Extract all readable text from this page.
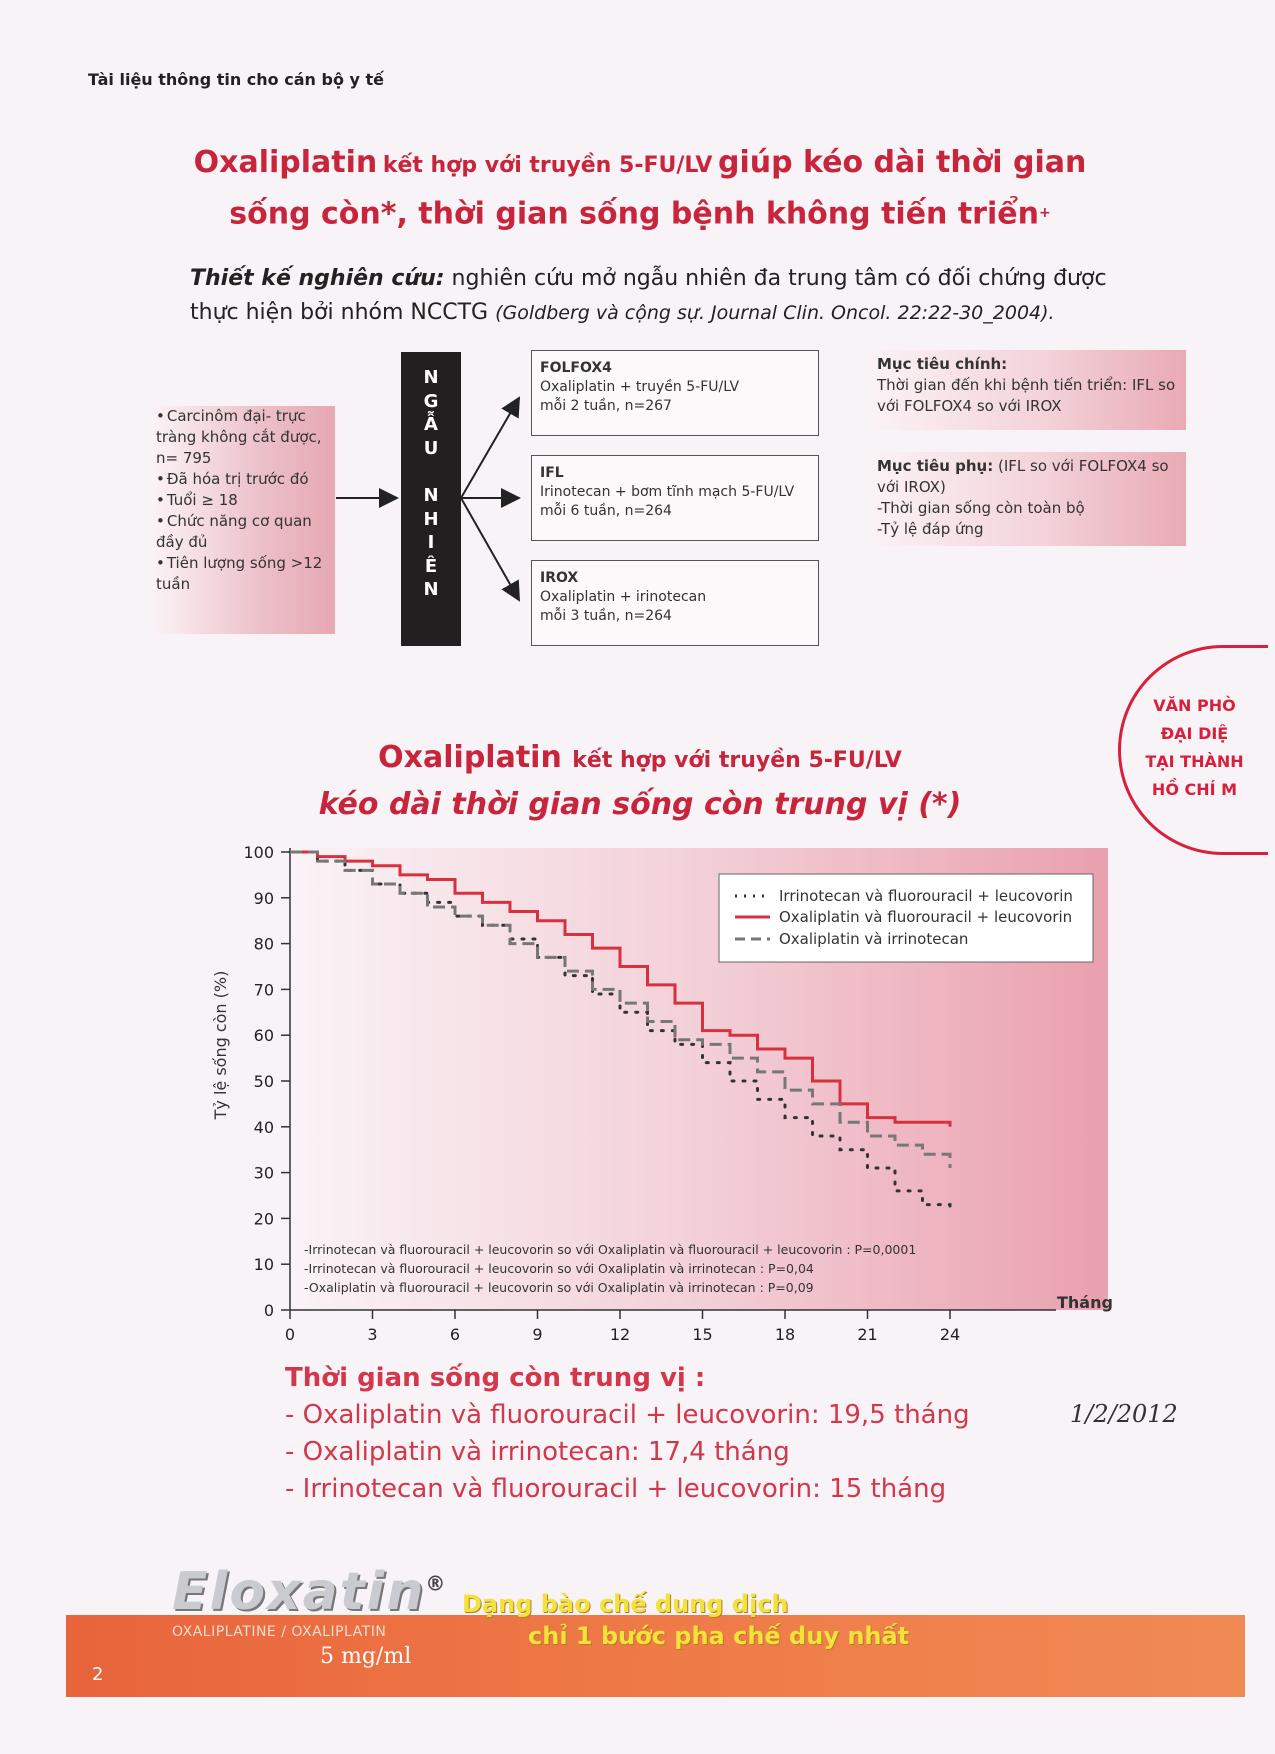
Tài liệu thông tin cho cán bộ y tế
Oxaliplatin kết hợp với truyền 5-FU/LV giúp kéo dài thời gian
sống còn*, thời gian sống bệnh không tiến triển+
Thiết kế nghiên cứu: nghiên cứu mở ngẫu nhiên đa trung tâm có đối chứng được thực hiện bởi nhóm NCCTG (Goldberg và cộng sự. Journal Clin. Oncol. 22:22-30_2004).
• Carcinôm đại- trực tràng không cắt được, n= 795
• Đã hóa trị trước đó
• Tuổi ≥ 18
• Chức năng cơ quan đầy đủ
• Tiên lượng sống >12 tuần
N
G
Ẫ
U
N
H
I
Ê
N
FOLFOX4
Oxaliplatin + truyền 5-FU/LV
mỗi 2 tuần, n=267
IFL
Irinotecan + bơm tĩnh mạch 5-FU/LV
mỗi 6 tuần, n=264
IROX
Oxaliplatin + irinotecan
mỗi 3 tuần, n=264
Mục tiêu chính:
Thời gian đến khi bệnh tiến triển: IFL so với FOLFOX4 so với IROX
Mục tiêu phụ: (IFL so với FOLFOX4 so với IROX)
-Thời gian sống còn toàn bộ
-Tỷ lệ đáp ứng
Oxaliplatin kết hợp với truyền 5-FU/LV
kéo dài thời gian sống còn trung vị (*)
0
10
20
30
40
50
60
70
80
90
100
0	3	6	9	12	15	18	21	24
Tỷ lệ sống còn (%)
Tháng
Irrinotecan và fluorouracil + leucovorin
Oxaliplatin và fluorouracil + leucovorin
Oxaliplatin và irrinotecan
-Irrinotecan và fluorouracil + leucovorin so với Oxaliplatin và fluorouracil + leucovorin : P=0,0001
-Irrinotecan và fluorouracil + leucovorin so với Oxaliplatin và irrinotecan : P=0,04
-Oxaliplatin và fluorouracil + leucovorin so với Oxaliplatin và irrinotecan : P=0,09
Thời gian sống còn trung vị :
- Oxaliplatin và fluorouracil + leucovorin: 19,5 tháng
- Oxaliplatin và irrinotecan: 17,4 tháng
- Irrinotecan và fluorouracil + leucovorin: 15 tháng
VĂN PHÒ
ĐẠI DIỆ
TẠI THÀNH
HỒ CHÍ M
1/2/2012
Eloxatin®
OXALIPLATINE / OXALIPLATIN
5 mg/ml
Dạng bào chế dung dịch
chỉ 1 bước pha chế duy nhất
2
